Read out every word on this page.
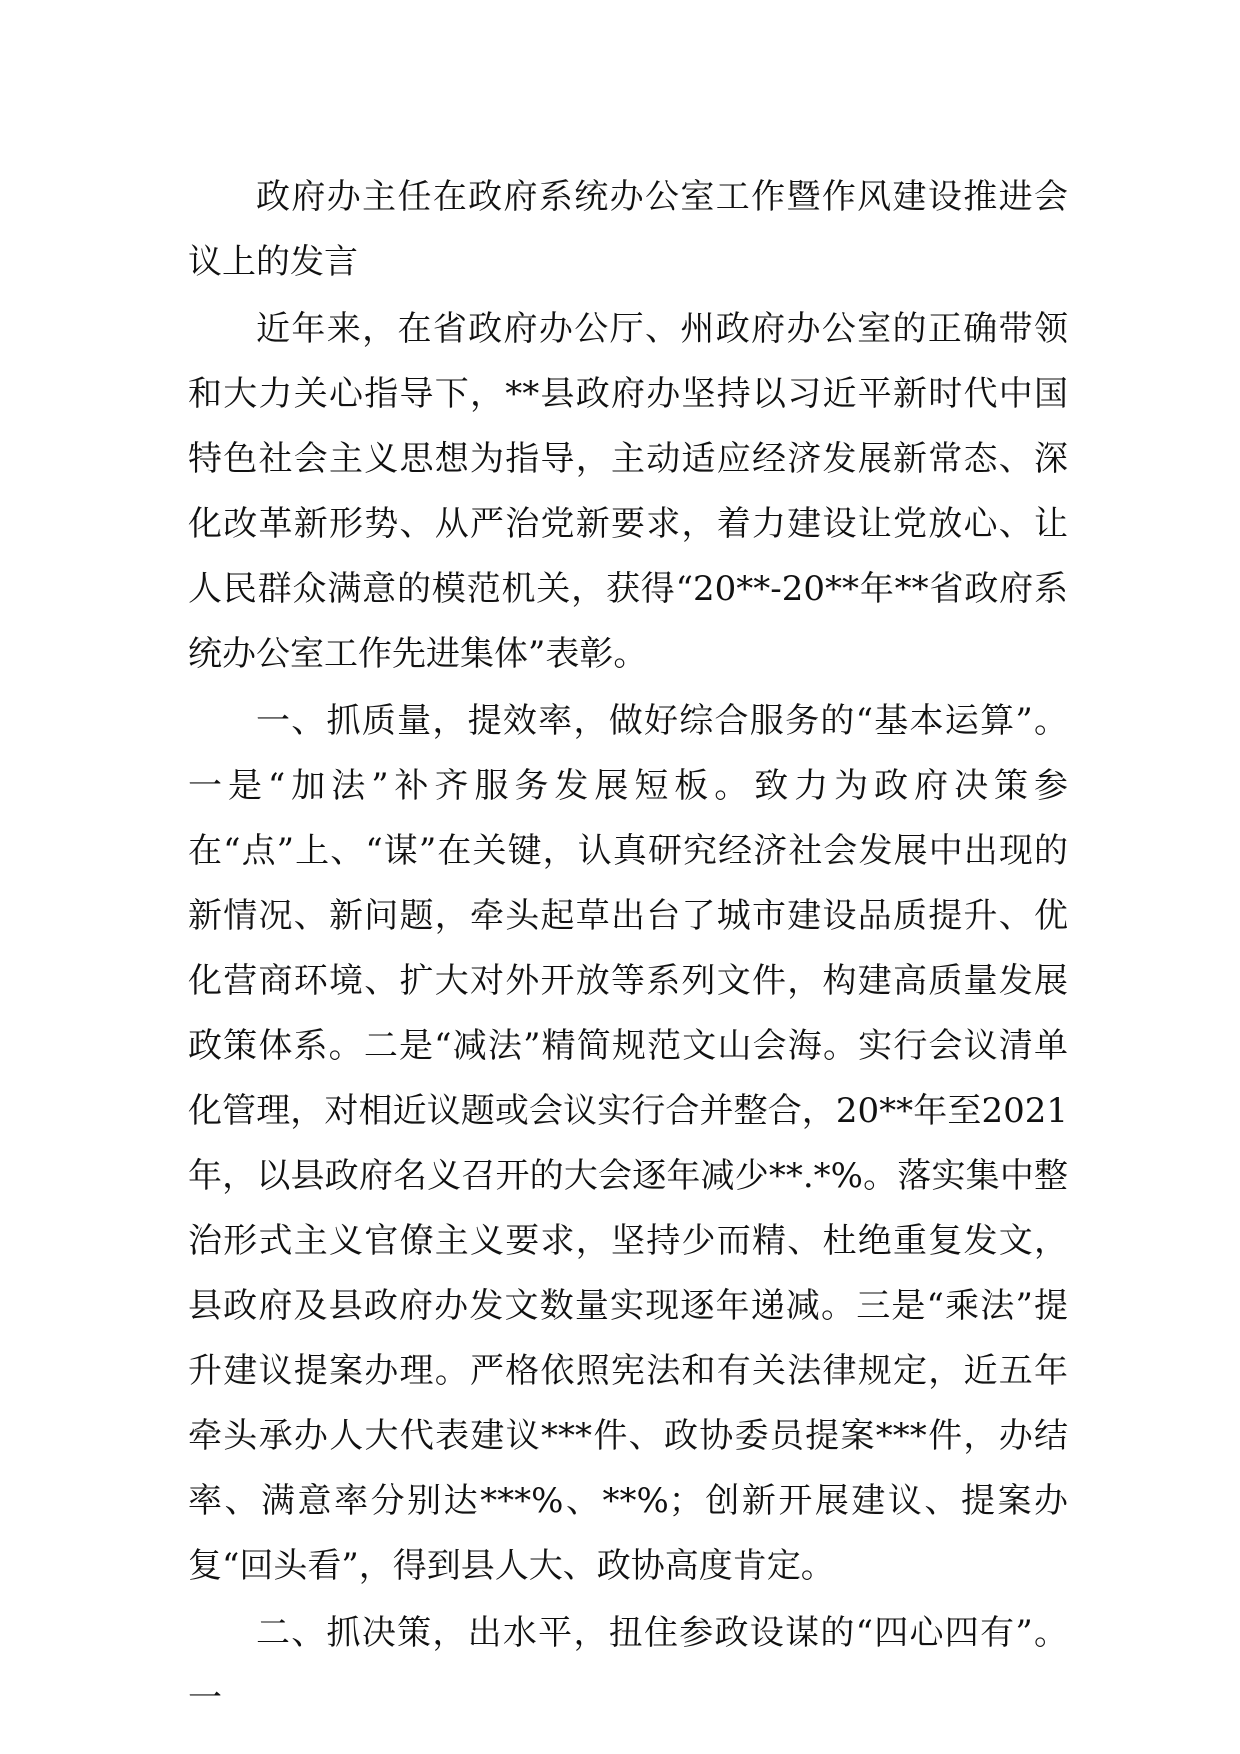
政府办主任在政府系统办公室工作暨作风建设推进会议上的发言

近年来，在省政府办公厅、州政府办公室的正确带领和大力关心指导下，**县政府办坚持以习近平新时代中国特色社会主义思想为指导，主动适应经济发展新常态、深化改革新形势、从严治党新要求，着力建设让党放心、让人民群众满意的模范机关，获得“20**-20**年**省政府系统办公室工作先进集体”表彰。

一、抓质量，提效率，做好综合服务的“基本运算”。一是“加法”补齐服务发展短板。致力为政府决策参在“点”上、“谋”在关键，认真研究经济社会发展中出现的新情况、新问题，牵头起草出台了城市建设品质提升、优化营商环境、扩大对外开放等系列文件，构建高质量发展政策体系。二是“减法”精简规范文山会海。实行会议清单化管理，对相近议题或会议实行合并整合，20**年至2021年，以县政府名义召开的大会逐年减少**.*%。落实集中整治形式主义官僚主义要求，坚持少而精、杜绝重复发文，县政府及县政府办发文数量实现逐年递减。三是“乘法”提升建议提案办理。严格依照宪法和有关法律规定，近五年牵头承办人大代表建议***件、政协委员提案***件，办结率、满意率分别达***%、**%；创新开展建议、提案办复“回头看”，得到县人大、政协高度肯定。

二、抓决策，出水平，扭住参政设谋的“四心四有”。一
